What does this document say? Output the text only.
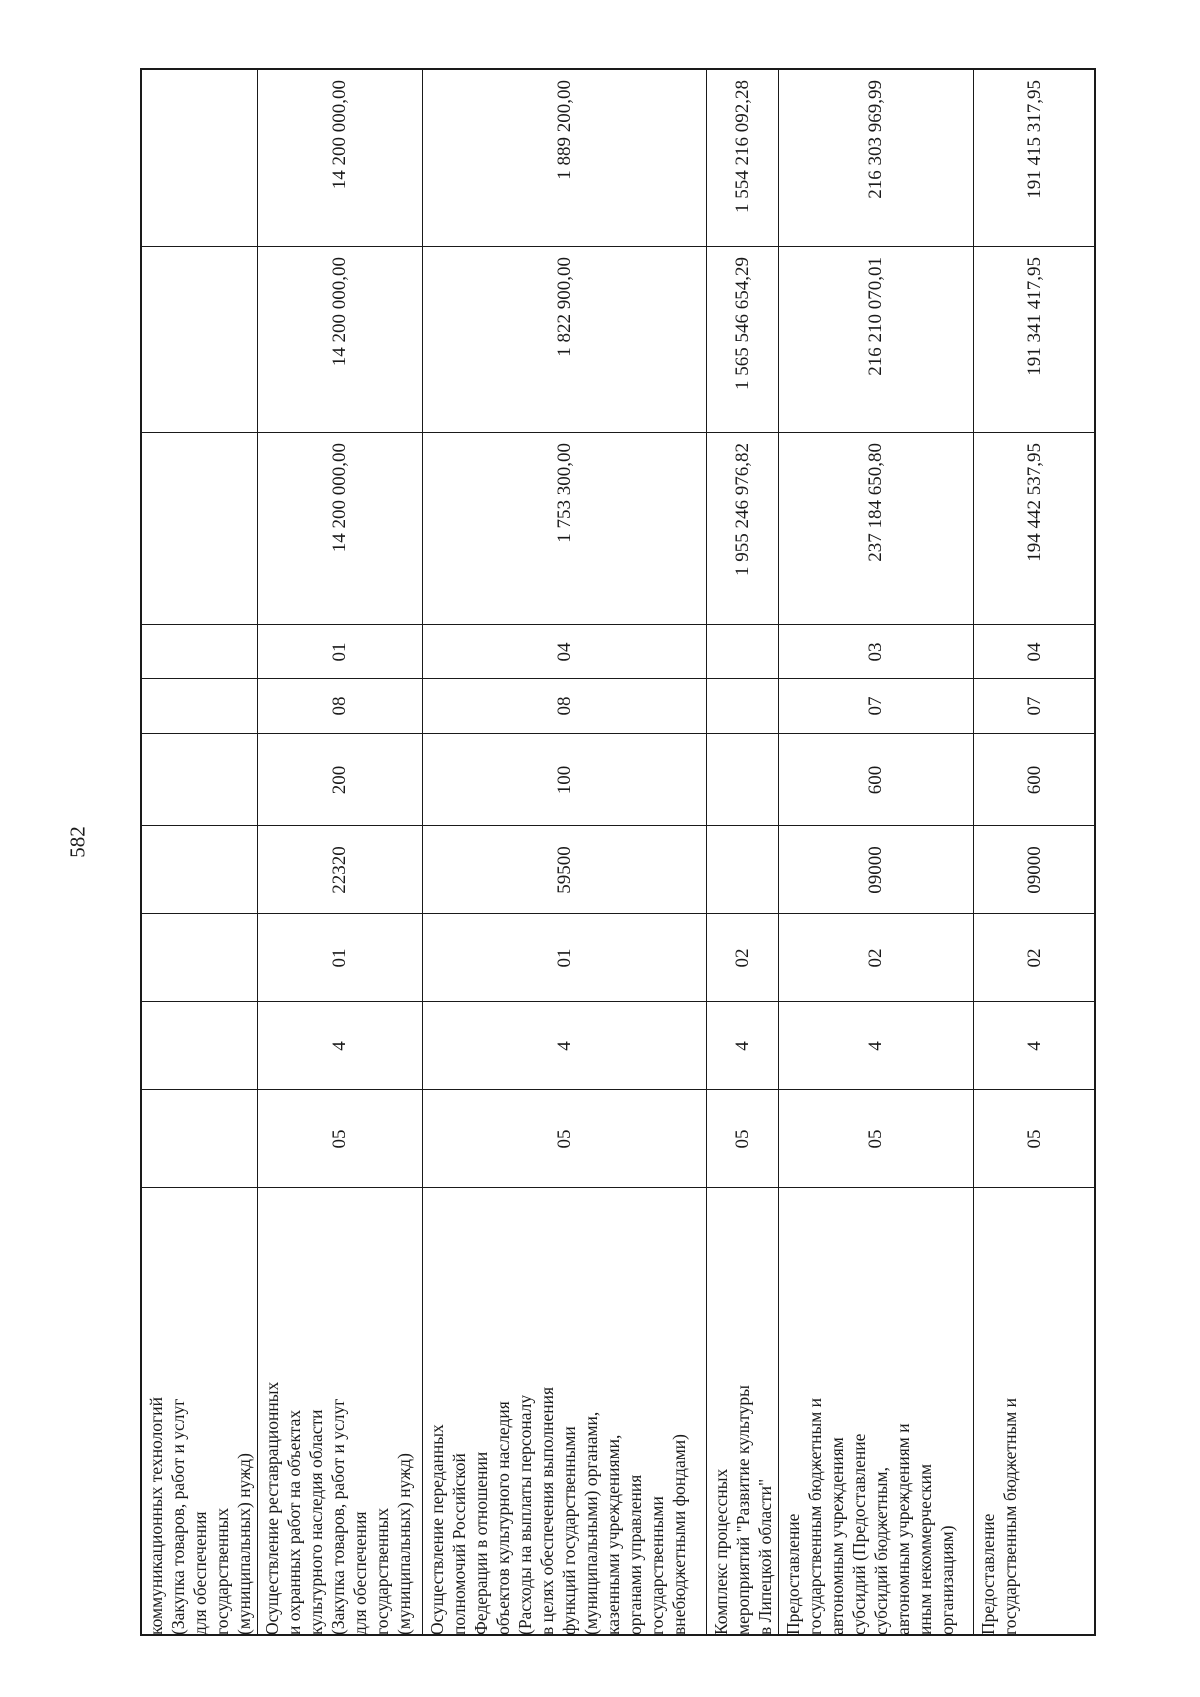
582
коммуникационных технологий (Закупка товаров, работ и услуг для обеспечения государственных (муниципальных) нужд)
14 200 000,00
14 200 000,00
14 200 000,00
01
08
200
22320
01
4
05
Осуществление реставрационных и охранных работ на объектах культурного наследия области (Закупка товаров, работ и услуг для обеспечения государственных (муниципальных) нужд)
1 889 200,00
1 822 900,00
1 753 300,00
04
08
100
59500
01
4
05
Осуществление переданных полномочий Российской Федерации в отношении объектов культурного наследия (Расходы на выплаты персоналу в целях обеспечения выполнения функций государственными (муниципальными) органами, казенными учреждениями, органами управления государственными внебюджетными фондами)
1 554 216 092,28
1 565 546 654,29
1 955 246 976,82
02
4
05
Комплекс процессных мероприятий "Развитие культуры в Липецкой области"
216 303 969,99
216 210 070,01
237 184 650,80
03
07
600
09000
02
4
05
Предоставление государственным бюджетным и автономным учреждениям субсидий (Предоставление субсидий бюджетным, автономным учреждениям и иным некоммерческим организациям)
191 415 317,95
191 341 417,95
194 442 537,95
04
07
600
09000
02
4
05
Предоставление государственным бюджетным и
